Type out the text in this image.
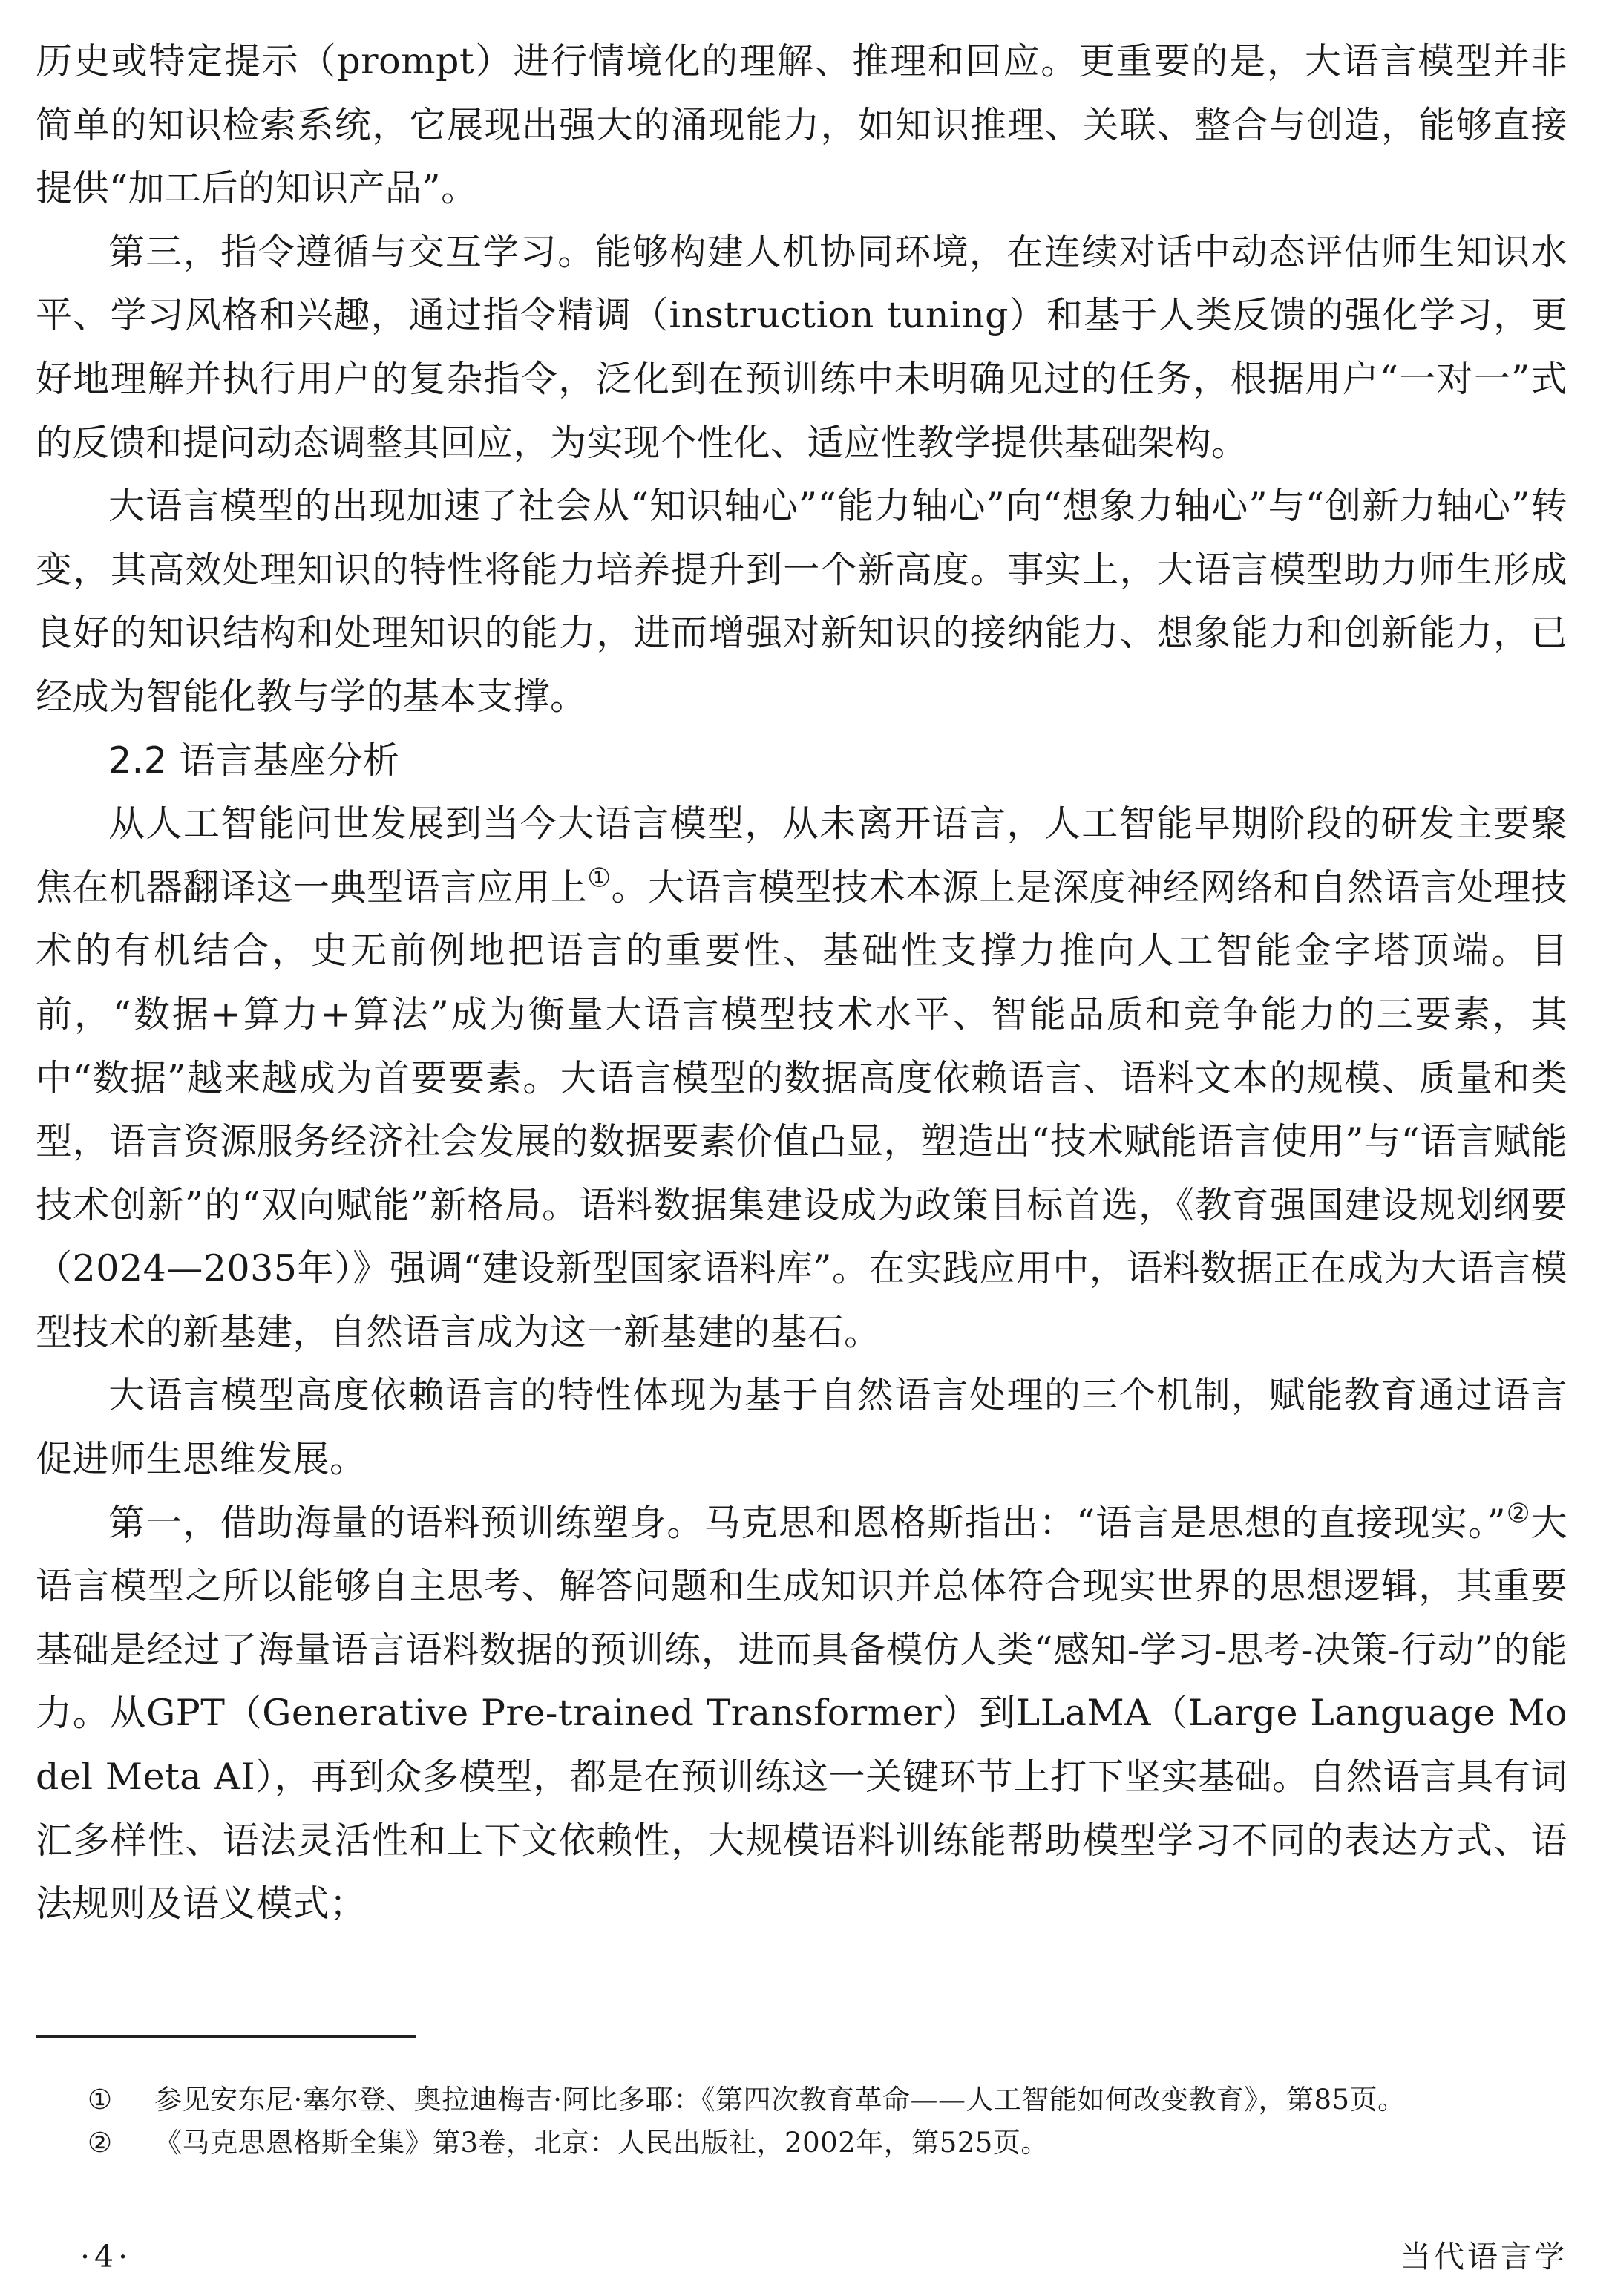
历史或特定提示（prompt）进行情境化的理解、推理和回应。更重要的是，大语言模型并非简单的知识检索系统，它展现出强大的涌现能力，如知识推理、关联、整合与创造，能够直接提供“加工后的知识产品”。

第三，指令遵循与交互学习。能够构建人机协同环境，在连续对话中动态评估师生知识水平、学习风格和兴趣，通过指令精调（instruction tuning）和基于人类反馈的强化学习，更好地理解并执行用户的复杂指令，泛化到在预训练中未明确见过的任务，根据用户“一对一”式的反馈和提问动态调整其回应，为实现个性化、适应性教学提供基础架构。

大语言模型的出现加速了社会从“知识轴心”“能力轴心”向“想象力轴心”与“创新力轴心”转变，其高效处理知识的特性将能力培养提升到一个新高度。事实上，大语言模型助力师生形成良好的知识结构和处理知识的能力，进而增强对新知识的接纳能力、想象能力和创新能力，已经成为智能化教与学的基本支撑。

2.2 语言基座分析

从人工智能问世发展到当今大语言模型，从未离开语言，人工智能早期阶段的研发主要聚焦在机器翻译这一典型语言应用上①。大语言模型技术本源上是深度神经网络和自然语言处理技术的有机结合，史无前例地把语言的重要性、基础性支撑力推向人工智能金字塔顶端。目前，“数据+算力+算法”成为衡量大语言模型技术水平、智能品质和竞争能力的三要素，其中“数据”越来越成为首要要素。大语言模型的数据高度依赖语言、语料文本的规模、质量和类型，语言资源服务经济社会发展的数据要素价值凸显，塑造出“技术赋能语言使用”与“语言赋能技术创新”的“双向赋能”新格局。语料数据集建设成为政策目标首选，《教育强国建设规划纲要（2024—2035年）》强调“建设新型国家语料库”。在实践应用中，语料数据正在成为大语言模型技术的新基建，自然语言成为这一新基建的基石。

大语言模型高度依赖语言的特性体现为基于自然语言处理的三个机制，赋能教育通过语言促进师生思维发展。

第一，借助海量的语料预训练塑身。马克思和恩格斯指出：“语言是思想的直接现实。”②大语言模型之所以能够自主思考、解答问题和生成知识并总体符合现实世界的思想逻辑，其重要基础是经过了海量语言语料数据的预训练，进而具备模仿人类“感知-学习-思考-决策-行动”的能力。从GPT（Generative Pre-trained Transformer）到LLaMA（Large Language Model Meta AI），再到众多模型，都是在预训练这一关键环节上打下坚实基础。自然语言具有词汇多样性、语法灵活性和上下文依赖性，大规模语料训练能帮助模型学习不同的表达方式、语法规则及语义模式；

①	参见安东尼·塞尔登、奥拉迪梅吉·阿比多耶：《第四次教育革命——人工智能如何改变教育》，第85页。

②	《马克思恩格斯全集》第3卷，北京：人民出版社，2002年，第525页。

·4·	当代语言学
